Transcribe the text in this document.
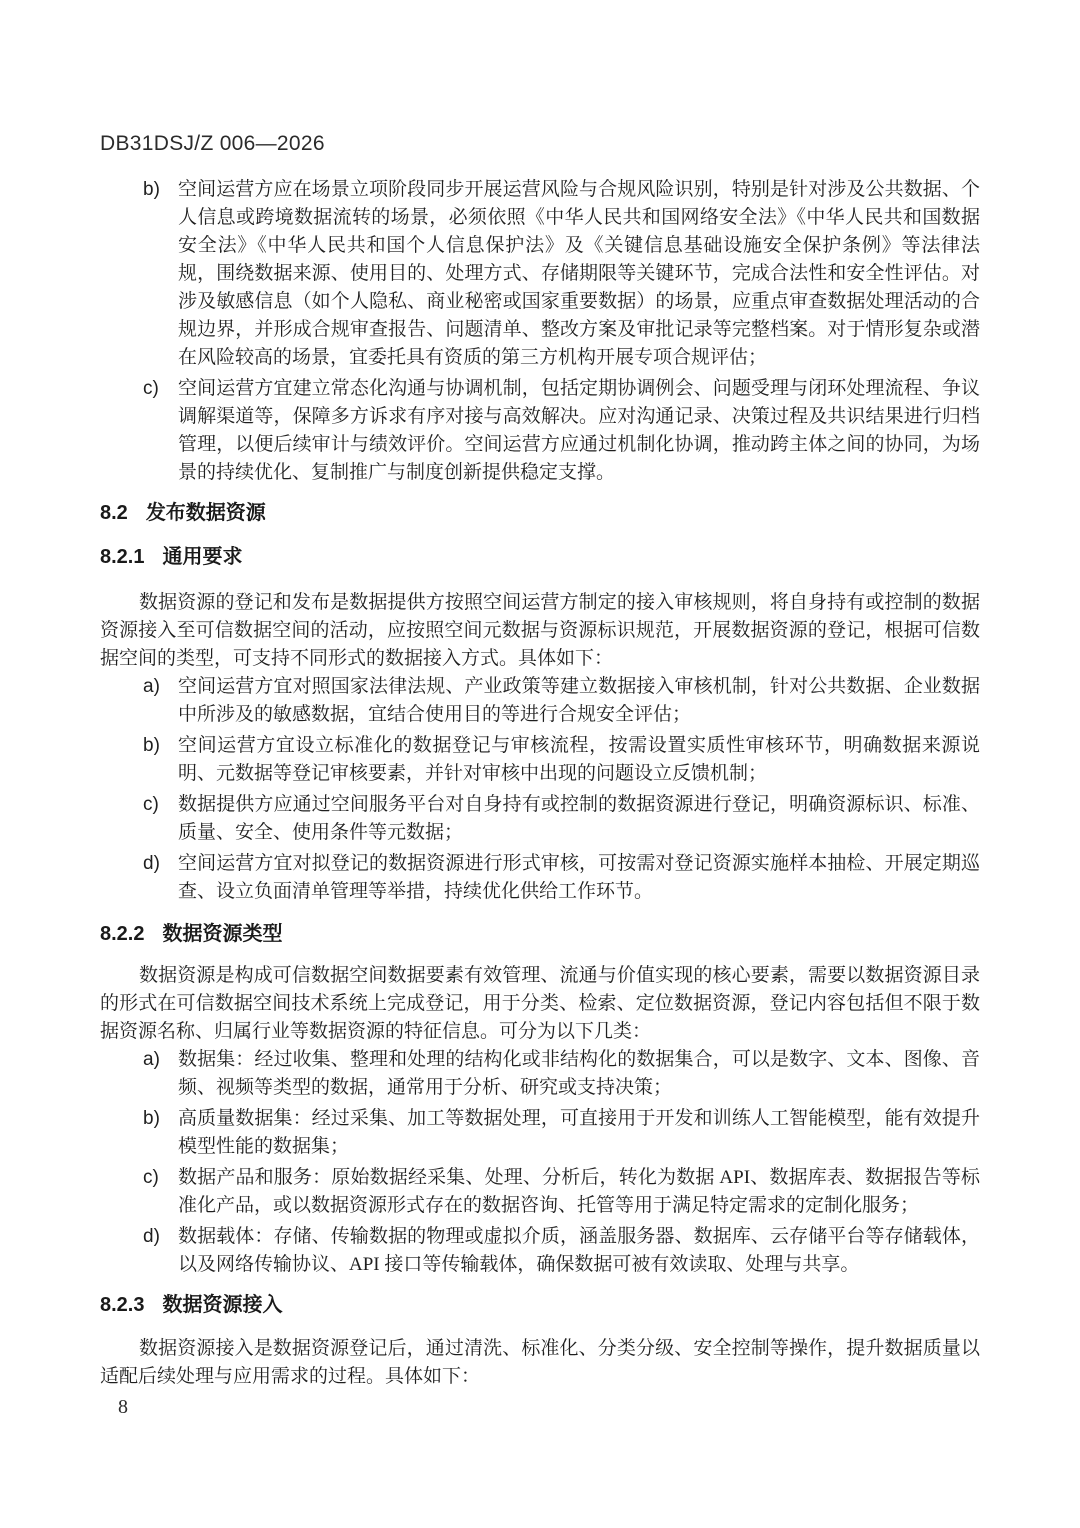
DB31DSJ/Z 006—2026
b) 空间运营方应在场景立项阶段同步开展运营风险与合规风险识别，特别是针对涉及公共数据、个人信息或跨境数据流转的场景，必须依照《中华人民共和国网络安全法》《中华人民共和国数据安全法》《中华人民共和国个人信息保护法》及《关键信息基础设施安全保护条例》等法律法规，围绕数据来源、使用目的、处理方式、存储期限等关键环节，完成合法性和安全性评估。对涉及敏感信息（如个人隐私、商业秘密或国家重要数据）的场景，应重点审查数据处理活动的合规边界，并形成合规审查报告、问题清单、整改方案及审批记录等完整档案。对于情形复杂或潜在风险较高的场景，宜委托具有资质的第三方机构开展专项合规评估；
c) 空间运营方宜建立常态化沟通与协调机制，包括定期协调例会、问题受理与闭环处理流程、争议调解渠道等，保障多方诉求有序对接与高效解决。应对沟通记录、决策过程及共识结果进行归档管理，以便后续审计与绩效评价。空间运营方应通过机制化协调，推动跨主体之间的协同，为场景的持续优化、复制推广与制度创新提供稳定支撑。
8.2 发布数据资源
8.2.1 通用要求

数据资源的登记和发布是数据提供方按照空间运营方制定的接入审核规则，将自身持有或控制的数据资源接入至可信数据空间的活动，应按照空间元数据与资源标识规范，开展数据资源的登记，根据可信数据空间的类型，可支持不同形式的数据接入方式。具体如下：

a) 空间运营方宜对照国家法律法规、产业政策等建立数据接入审核机制，针对公共数据、企业数据中所涉及的敏感数据，宜结合使用目的等进行合规安全评估；
b) 空间运营方宜设立标准化的数据登记与审核流程，按需设置实质性审核环节，明确数据来源说明、元数据等登记审核要素，并针对审核中出现的问题设立反馈机制；
c) 数据提供方应通过空间服务平台对自身持有或控制的数据资源进行登记，明确资源标识、标准、质量、安全、使用条件等元数据；
d) 空间运营方宜对拟登记的数据资源进行形式审核，可按需对登记资源实施样本抽检、开展定期巡查、设立负面清单管理等举措，持续优化供给工作环节。
8.2.2 数据资源类型

数据资源是构成可信数据空间数据要素有效管理、流通与价值实现的核心要素，需要以数据资源目录的形式在可信数据空间技术系统上完成登记，用于分类、检索、定位数据资源，登记内容包括但不限于数据资源名称、归属行业等数据资源的特征信息。可分为以下几类：

a) 数据集：经过收集、整理和处理的结构化或非结构化的数据集合，可以是数字、文本、图像、音频、视频等类型的数据，通常用于分析、研究或支持决策；
b) 高质量数据集：经过采集、加工等数据处理，可直接用于开发和训练人工智能模型，能有效提升模型性能的数据集；
c) 数据产品和服务：原始数据经采集、处理、分析后，转化为数据 API、数据库表、数据报告等标准化产品，或以数据资源形式存在的数据咨询、托管等用于满足特定需求的定制化服务；
d) 数据载体：存储、传输数据的物理或虚拟介质，涵盖服务器、数据库、云存储平台等存储载体，以及网络传输协议、API 接口等传输载体，确保数据可被有效读取、处理与共享。
8.2.3 数据资源接入

数据资源接入是数据资源登记后，通过清洗、标准化、分类分级、安全控制等操作，提升数据质量以适配后续处理与应用需求的过程。具体如下：

8
